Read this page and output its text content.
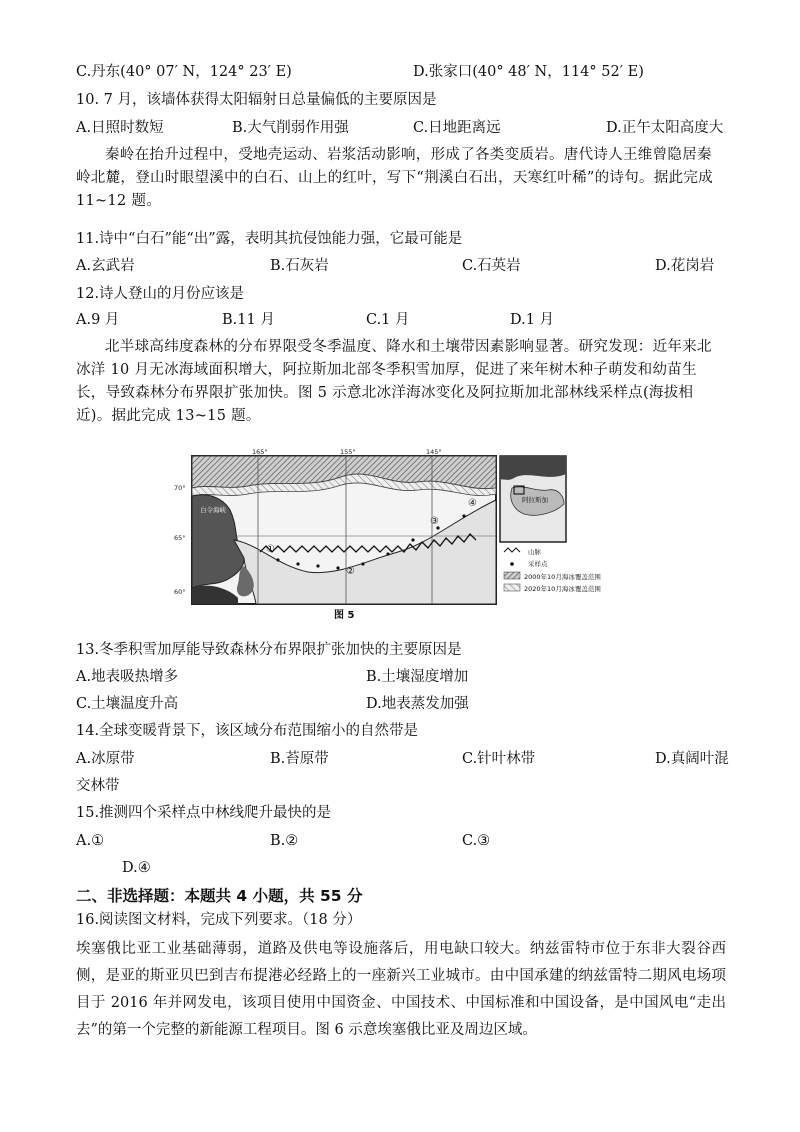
C.丹东(40° 07′ N，124° 23′ E)	D.张家口(40° 48′ N，114° 52′ E)
10. 7 月，该墙体获得太阳辐射日总量偏低的主要原因是
A.日照时数短	B.大气削弱作用强	C.日地距离远	D.正午太阳高度大
秦岭在抬升过程中，受地壳运动、岩浆活动影响，形成了各类变质岩。唐代诗人王维曾隐居秦岭北麓，登山时眼望溪中的白石、山上的红叶，写下“荆溪白石出，天寒红叶稀”的诗句。据此完成 11~12 题。
11.诗中“白石”能“出”露，表明其抗侵蚀能力强，它最可能是
A.玄武岩	B.石灰岩	C.石英岩	D.花岗岩
12.诗人登山的月份应该是
A.9 月	B.11 月	C.1 月	D.1 月
北半球高纬度森林的分布界限受冬季温度、降水和土壤带因素影响显著。研究发现：近年来北冰洋 10 月无冰海域面积增大，阿拉斯加北部冬季积雪加厚，促进了来年树木种子萌发和幼苗生长，导致森林分布界限扩张加快。图 5 示意北冰洋海冰变化及阿拉斯加北部林线采样点(海拔相近)。据此完成 13~15 题。
①
②
③
④
165°	155°	145°
70°
65°
60°
白令海峡
阿拉斯加
山脉
采样点
2000年10月海冰覆盖范围
2020年10月海冰覆盖范围
图 5
13.冬季积雪加厚能导致森林分布界限扩张加快的主要原因是
A.地表吸热增多	B.土壤湿度增加
C.土壤温度升高	D.地表蒸发加强
14.全球变暖背景下，该区域分布范围缩小的自然带是
A.冰原带	B.苔原带	C.针叶林带	D.真阔叶混
交林带
15.推测四个采样点中林线爬升最快的是
A.①	B.②	C.③
D.④
二、非选择题：本题共 4 小题，共 55 分
16.阅读图文材料，完成下列要求。（18 分）
埃塞俄比亚工业基础薄弱，道路及供电等设施落后，用电缺口较大。纳兹雷特市位于东非大裂谷西侧，是亚的斯亚贝巴到吉布提港必经路上的一座新兴工业城市。由中国承建的纳兹雷特二期风电场项目于 2016 年并网发电，该项目使用中国资金、中国技术、中国标准和中国设备，是中国风电“走出去”的第一个完整的新能源工程项目。图 6 示意埃塞俄比亚及周边区域。
